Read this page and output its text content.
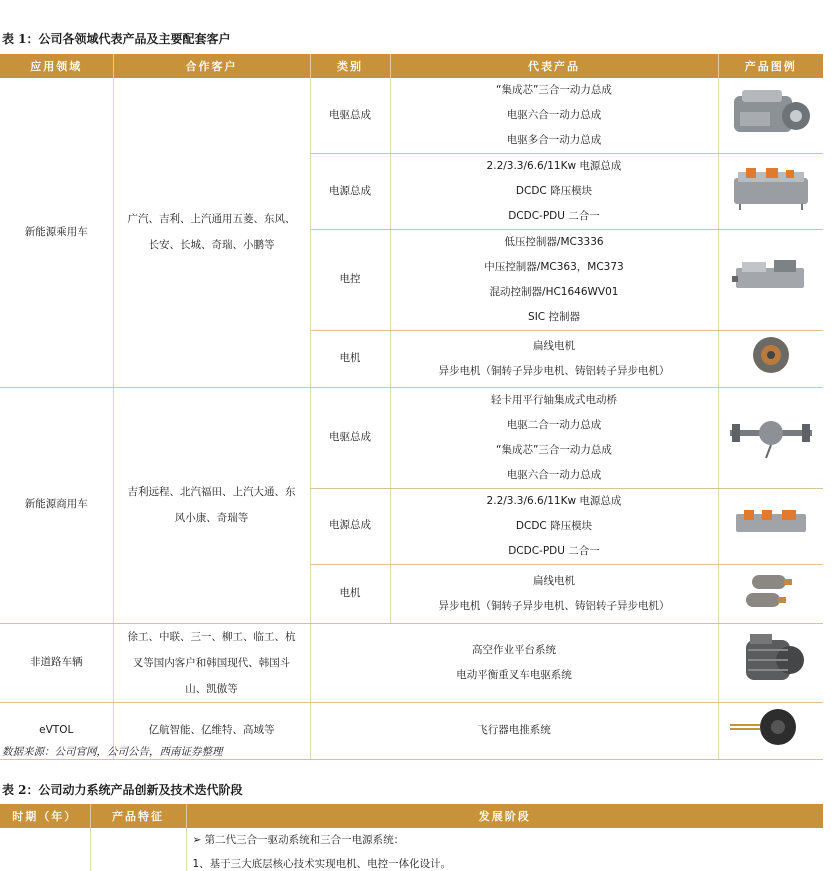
表 1：公司各领域代表产品及主要配套客户
应用领域	合作客户	类别	代表产品	产品图例
新能源乘用车	广汽、吉利、上汽通用五菱、东风、长安、长城、奇瑞、小鹏等	电驱总成	“集成芯”三合一动力总成
电驱六合一动力总成
电驱多合一动力总成

		电源总成	2.2/3.3/6.6/11Kw 电源总成
DCDC 降压模块
DCDC-PDU 二合一

		电控	低压控制器/MC3336
中压控制器/MC363，MC373
混动控制器/HC1646WV01
SIC 控制器

		电机	扁线电机
异步电机（铜转子异步电机、铸铝转子异步电机）

新能源商用车	吉利远程、北汽福田、上汽大通、东风小康、奇瑞等	电驱总成	轻卡用平行轴集成式电动桥
电驱二合一动力总成
“集成芯”三合一动力总成
电驱六合一动力总成

		电源总成	2.2/3.3/6.6/11Kw 电源总成
DCDC 降压模块
DCDC-PDU 二合一

		电机	扁线电机
异步电机（铜转子异步电机、铸铝转子异步电机）

非道路车辆	徐工、中联、三一、柳工、临工、杭叉等国内客户和韩国现代、韩国斗山、凯傲等	高空作业平台系统
电动平衡重叉车电驱系统

eVTOL	亿航智能、亿维特、高域等	飞行器电推系统

数据来源：公司官网，公司公告，西南证券整理
表 2：公司动力系统产品创新及技术迭代阶段
时期（年）	产品特征	发展阶段

		➢ 第二代三合一驱动系统和三合一电源系统：
1、基于三大底层核心技术实现电机、电控一体化设计。
